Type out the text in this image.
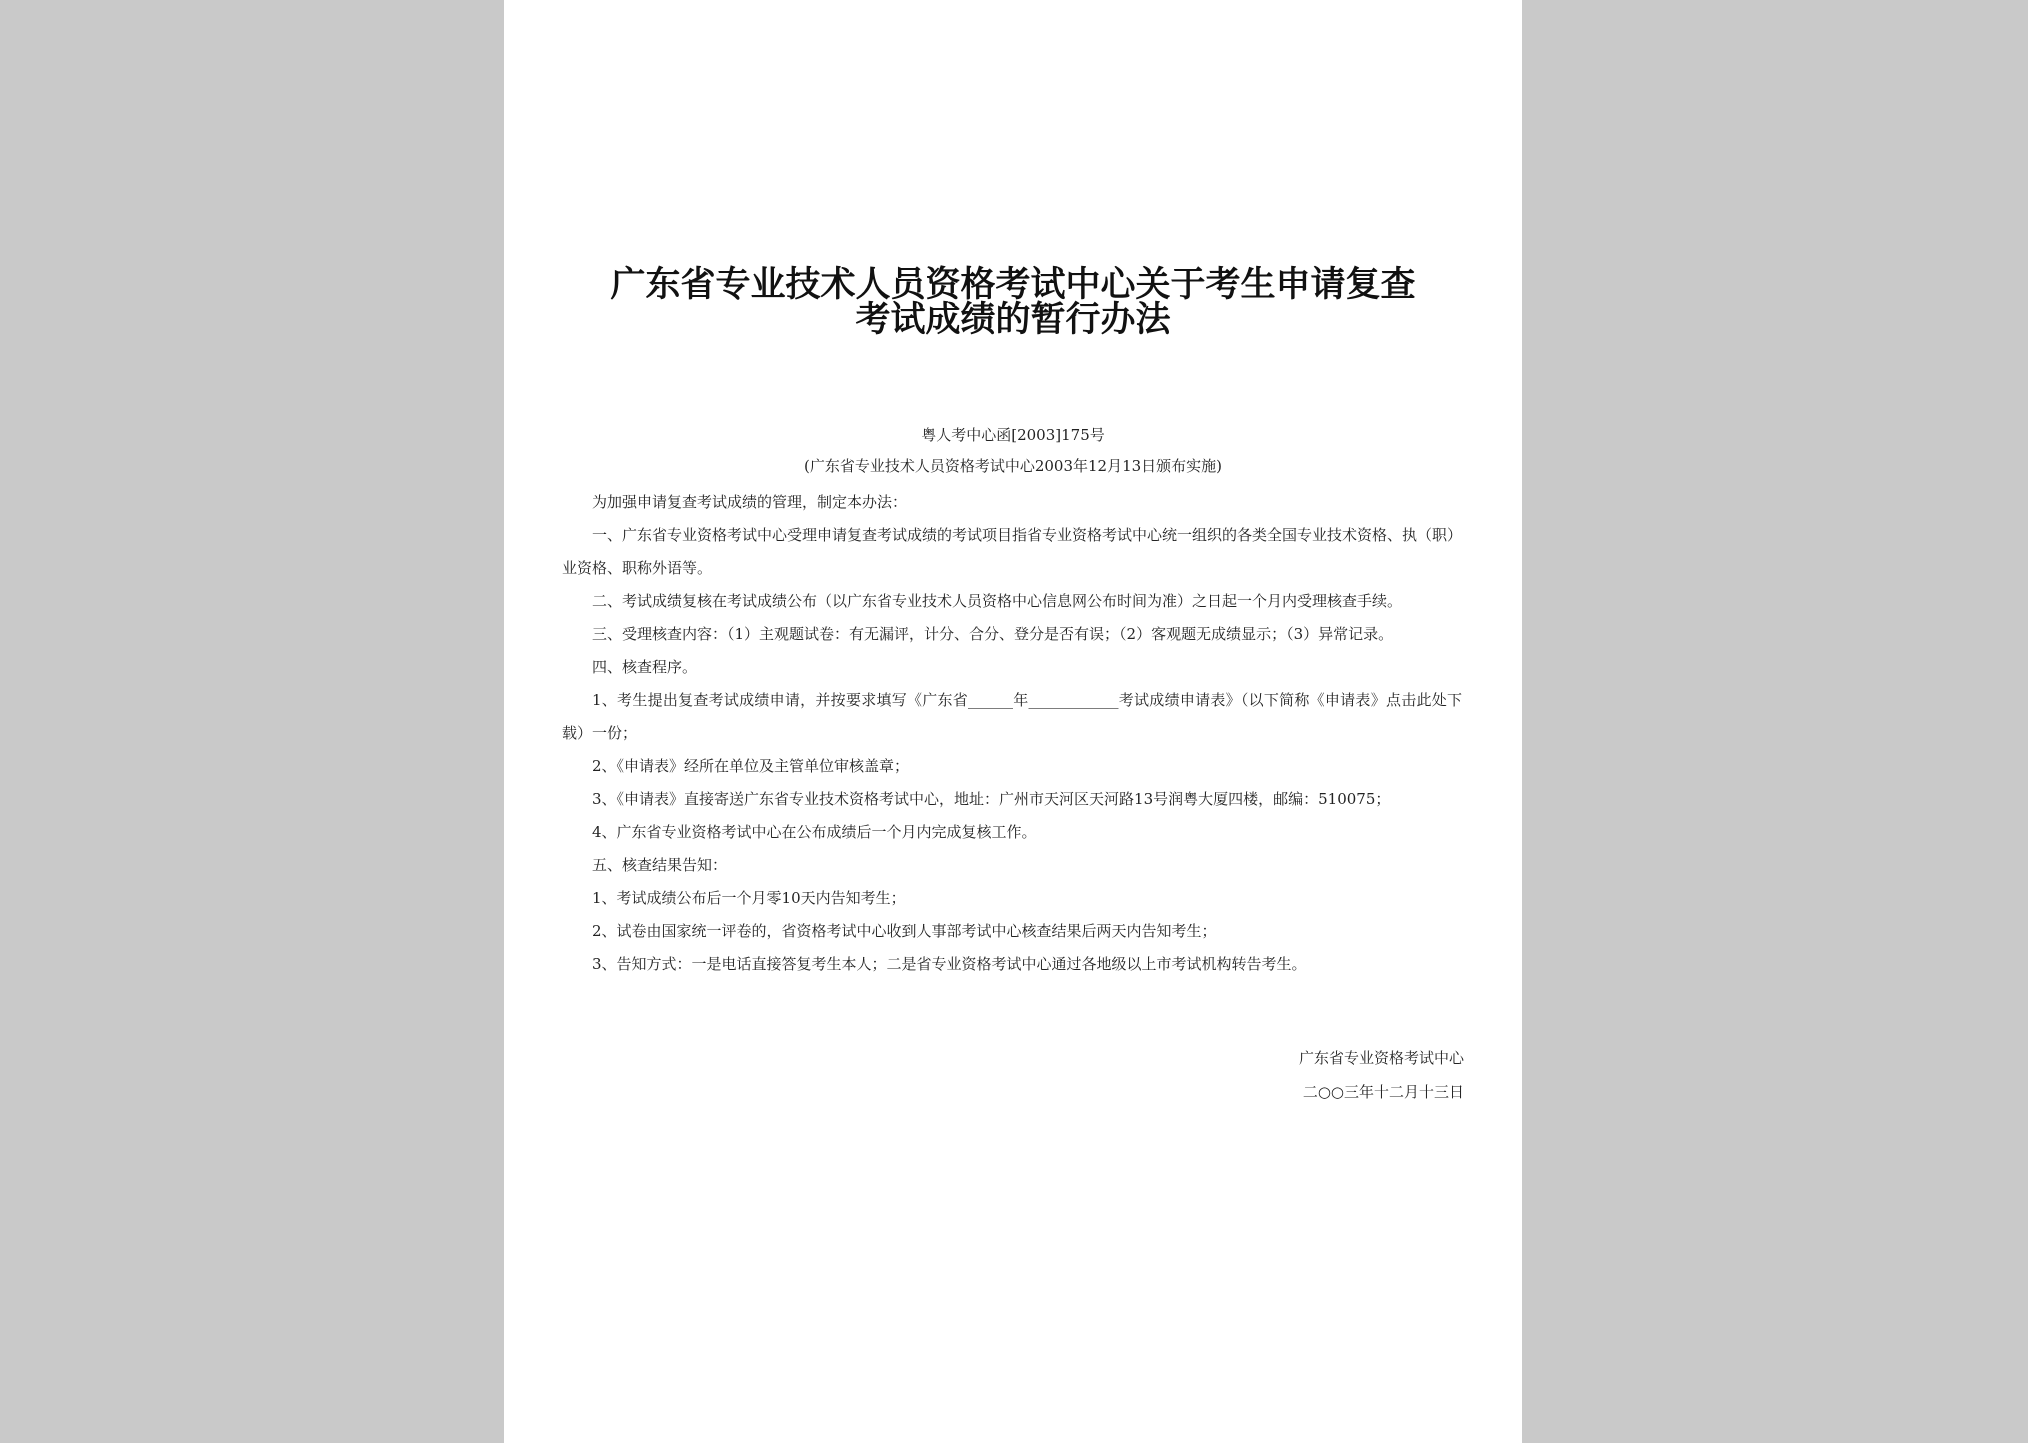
广东省专业技术人员资格考试中心关于考生申请复查
考试成绩的暂行办法
粤人考中心函[2003]175号
(广东省专业技术人员资格考试中心2003年12月13日颁布实施)

为加强申请复查考试成绩的管理，制定本办法：

一、广东省专业资格考试中心受理申请复查考试成绩的考试项目指省专业资格考试中心统一组织的各类全国专业技术资格、执（职）业资格、职称外语等。

二、考试成绩复核在考试成绩公布（以广东省专业技术人员资格中心信息网公布时间为准）之日起一个月内受理核查手续。

三、受理核查内容：（1）主观题试卷：有无漏评，计分、合分、登分是否有误；（2）客观题无成绩显示；（3）异常记录。

四、核查程序。

1、考生提出复查考试成绩申请，并按要求填写《广东省______年____________考试成绩申请表》（以下简称《申请表》点击此处下载）一份；

2、《申请表》经所在单位及主管单位审核盖章；

3、《申请表》直接寄送广东省专业技术资格考试中心，地址：广州市天河区天河路13号润粤大厦四楼，邮编：510075；

4、广东省专业资格考试中心在公布成绩后一个月内完成复核工作。

五、核查结果告知：

1、考试成绩公布后一个月零10天内告知考生；

2、试卷由国家统一评卷的，省资格考试中心收到人事部考试中心核查结果后两天内告知考生；

3、告知方式：一是电话直接答复考生本人；二是省专业资格考试中心通过各地级以上市考试机构转告考生。

广东省专业资格考试中心
二○○三年十二月十三日
